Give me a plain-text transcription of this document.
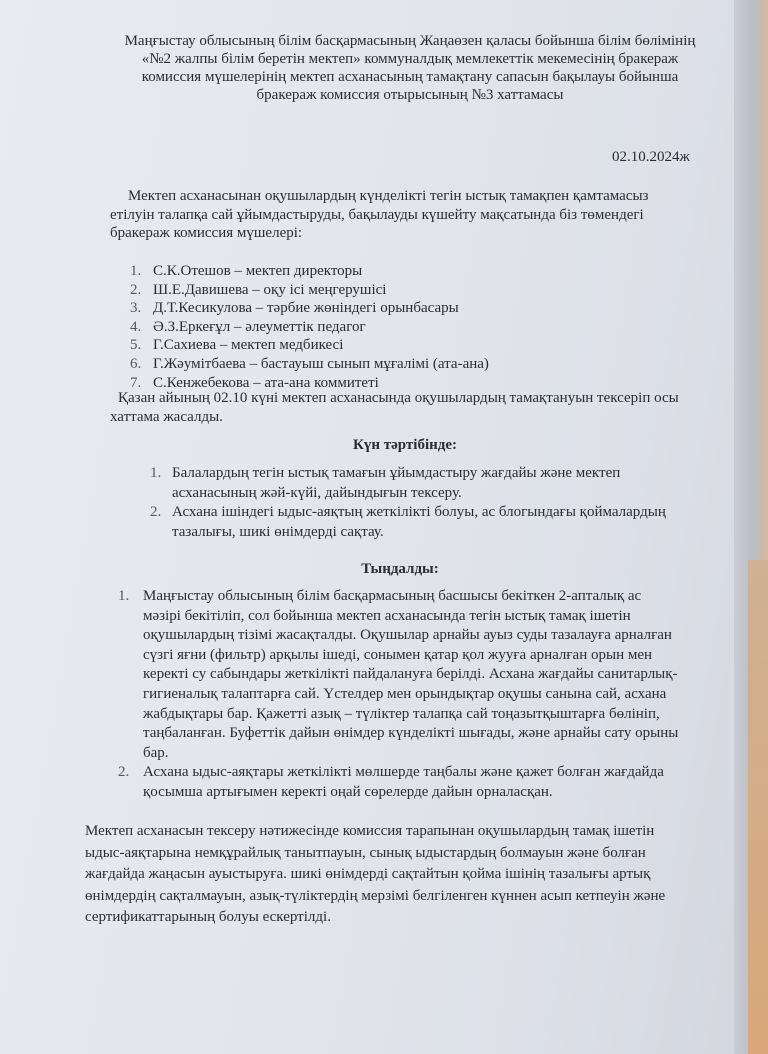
Маңғыстау облысының білім басқармасының Жаңаөзен қаласы бойынша білім бөлімінің
«№2 жалпы білім беретін мектеп» коммуналдық мемлекеттік мекемесінің бракераж
комиссия мүшелерінің мектеп асханасының тамақтану сапасын бақылауы бойынша
бракераж комиссия отырысының №3 хаттамасы
02.10.2024ж
Мектеп асханасынан оқушылардың күнделікті тегін ыстық тамақпен қамтамасыз
етілуін талапқа сай ұйымдастыруды, бақылауды күшейту мақсатында біз төмендегі
бракераж комиссия мүшелері:
1. С.К.Отешов – мектеп директоры
2. Ш.Е.Давишева – оқу ісі меңгерушісі
3. Д.Т.Кесикулова – тәрбие жөніндегі орынбасары
4. Ә.З.Еркеғұл – әлеуметтік педагог
5. Г.Сахиева – мектеп медбикесі
6. Г.Жәумітбаева – бастауыш сынып мұғалімі (ата-ана)
7. С.Кенжебекова – ата-ана коммитеті
Қазан айының 02.10 күні мектеп асханасында оқушылардың тамақтануын тексеріп осы
хаттама жасалды.
Күн тәртібінде:
1. Балалардың тегін ыстық тамағын ұйымдастыру жағдайы және мектеп
асханасының жәй-күйі, дайындығын тексеру.
2. Асхана ішіндегі ыдыс-аяқтың жеткілікті болуы, ас блогындағы қоймалардың
тазалығы, шикі өнімдерді сақтау.
Тыңдалды:
1. Маңғыстау облысының білім басқармасының басшысы бекіткен 2-апталық ас
мәзірі бекітіліп, сол бойынша мектеп асханасында тегін ыстық тамақ ішетін
оқушылардың тізімі жасақталды. Оқушылар арнайы ауыз суды тазалауға арналған
сүзгі яғни (фильтр) арқылы ішеді, сонымен қатар қол жууға арналған орын мен
керекті су сабындары жеткілікті пайдалануға берілді. Асхана жағдайы санитарлық-
гигиеналық талаптарға сай. Үстелдер мен орындықтар оқушы санына сай, асхана
жабдықтары бар. Қажетті азық – түліктер талапқа сай тоңазытқыштарға бөлініп,
таңбаланған. Буфеттік дайын өнімдер күнделікті шығады, және арнайы сату орыны
бар.
2. Асхана ыдыс-аяқтары жеткілікті мөлшерде таңбалы және қажет болған жағдайда
қосымша артығымен керекті оңай сөрелерде дайын орналасқан.
Мектеп асханасын тексеру нәтижесінде комиссия тарапынан оқушылардың тамақ ішетін
ыдыс-аяқтарына немқұрайлық танытпауын, сынық ыдыстардың болмауын және болған
жағдайда жаңасын ауыстыруға. шикі өнімдерді сақтайтын қойма ішінің тазалығы артық
өнімдердің сақталмауын, азық-түліктердің мерзімі белгіленген күннен асып кетпеуін және
сертификаттарының болуы ескертілді.
